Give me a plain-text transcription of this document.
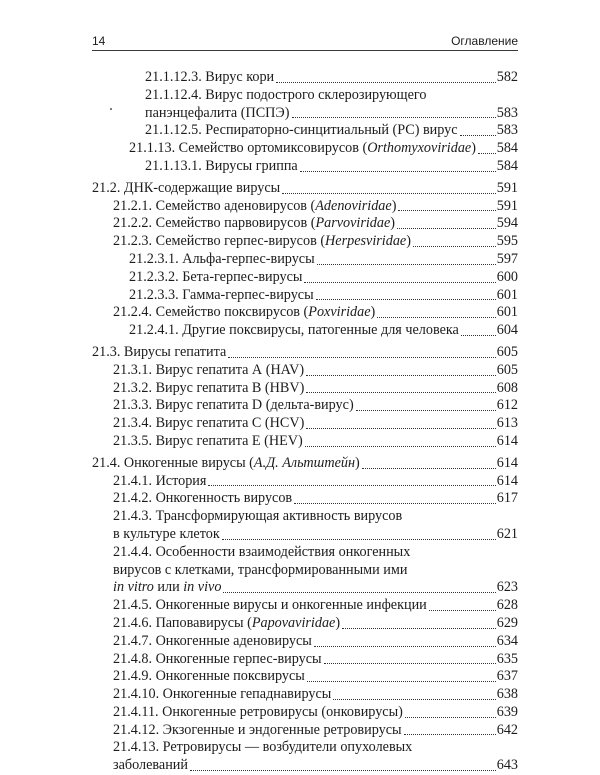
14	Оглавление
21.1.12.3. Вирус кори	582
21.1.12.4. Вирус подострого склерозирующего
панэнцефалита (ПСПЭ)	583
21.1.12.5. Респираторно-синцитиальный (РС) вирус	583
21.1.13. Семейство ортомиксовирусов (Orthomyxoviridae) 584
21.1.13.1. Вирусы гриппа	584
21.2. ДНК-содержащие вирусы	591
21.2.1. Семейство аденовирусов (Adenoviridae)	591
21.2.2. Семейство парвовирусов (Parvoviridae)	594
21.2.3. Семейство герпес-вирусов (Herpesviridae)	595
21.2.3.1. Альфа-герпес-вирусы	597
21.2.3.2. Бета-герпес-вирусы	600
21.2.3.3. Гамма-герпес-вирусы	601
21.2.4. Семейство поксвирусов (Poxviridae)	601
21.2.4.1. Другие поксвирусы, патогенные для человека	604
21.3. Вирусы гепатита	605
21.3.1. Вирус гепатита А (HAV)	605
21.3.2. Вирус гепатита В (HBV)	608
21.3.3. Вирус гепатита D (дельта-вирус)	612
21.3.4. Вирус гепатита С (HCV)	613
21.3.5. Вирус гепатита Е (HEV)	614
21.4. Онкогенные вирусы (А.Д. Альтштейн)	614
21.4.1. История	614
21.4.2. Онкогенность вирусов	617
21.4.3. Трансформирующая активность вирусов
в культуре клеток	621
21.4.4. Особенности взаимодействия онкогенных
вирусов с клетками, трансформированными ими
in vitro или in vivo	623
21.4.5. Онкогенные вирусы и онкогенные инфекции	628
21.4.6. Паповавирусы (Papovaviridae)	629
21.4.7. Онкогенные аденовирусы	634
21.4.8. Онкогенные герпес-вирусы	635
21.4.9. Онкогенные поксвирусы	637
21.4.10. Онкогенные гепаднавирусы	638
21.4.11. Онкогенные ретровирусы (онковирусы)	639
21.4.12. Экзогенные и эндогенные ретровирусы	642
21.4.13. Ретровирусы — возбудители опухолевых
заболеваний	643
